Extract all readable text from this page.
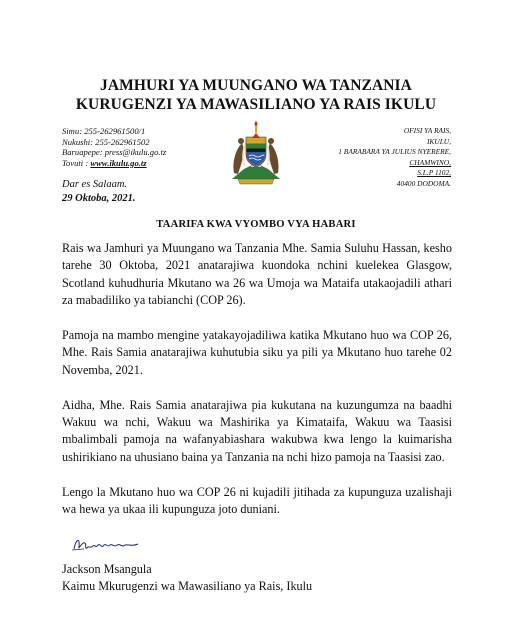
JAMHURI YA MUUNGANO WA TANZANIA
KURUGENZI YA MAWASILIANO YA RAIS IKULU
Simu: 255-262961500/1
Nukushi: 255-262961502
Baruapepe: press@ikulu.go.tz
Tovuti : www.ikulu.go.tz
OFISI YA RAIS,
IKULU,
1 BARABARA YA JULIUS NYERERE,
CHAMWINO,
S.L.P 1102,
40400 DODOMA.
Dar es Salaam.
29 Oktoba, 2021.
TAARIFA KWA VYOMBO VYA HABARI

Rais wa Jamhuri ya Muungano wa Tanzania Mhe. Samia Suluhu Hassan, kesho tarehe 30 Oktoba, 2021 anatarajiwa kuondoka nchini kuelekea Glasgow, Scotland kuhudhuria Mkutano wa 26 wa Umoja wa Mataifa utakaojadili athari za mabadiliko ya tabianchi (COP 26).

Pamoja na mambo mengine yatakayojadiliwa katika Mkutano huo wa COP 26, Mhe. Rais Samia anatarajiwa kuhutubia siku ya pili ya Mkutano huo tarehe 02 Novemba, 2021.

Aidha, Mhe. Rais Samia anatarajiwa pia kukutana na kuzungumza na baadhi Wakuu wa nchi, Wakuu wa Mashirika ya Kimataifa, Wakuu wa Taasisi mbalimbali pamoja na wafanyabiashara wakubwa kwa lengo la kuimarisha ushirikiano na uhusiano baina ya Tanzania na nchi hizo pamoja na Taasisi zao.

Lengo la Mkutano huo wa COP 26 ni kujadili jitihada za kupunguza uzalishaji wa hewa ya ukaa ili kupunguza joto duniani.

Jackson Msangula
Kaimu Mkurugenzi wa Mawasiliano ya Rais, Ikulu
